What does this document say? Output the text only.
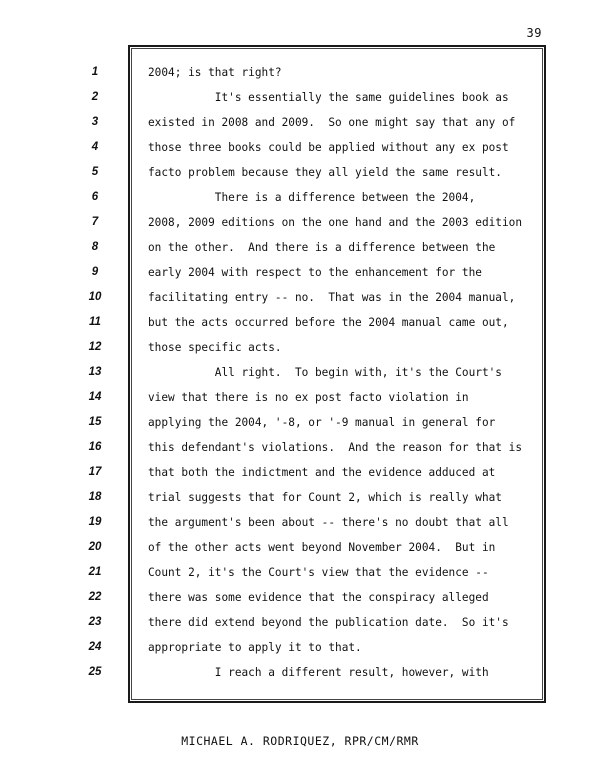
39
1
2
3
4
5
6
7
8
9
10
11
12
13
14
15
16
17
18
19
20
21
22
23
24
25
2004; is that right?
It's essentially the same guidelines book as
existed in 2008 and 2009.  So one might say that any of
those three books could be applied without any ex post
facto problem because they all yield the same result.
There is a difference between the 2004,
2008, 2009 editions on the one hand and the 2003 edition
on the other.  And there is a difference between the
early 2004 with respect to the enhancement for the
facilitating entry -- no.  That was in the 2004 manual,
but the acts occurred before the 2004 manual came out,
those specific acts.
All right.  To begin with, it's the Court's
view that there is no ex post facto violation in
applying the 2004, '-8, or '-9 manual in general for
this defendant's violations.  And the reason for that is
that both the indictment and the evidence adduced at
trial suggests that for Count 2, which is really what
the argument's been about -- there's no doubt that all
of the other acts went beyond November 2004.  But in
Count 2, it's the Court's view that the evidence --
there was some evidence that the conspiracy alleged
there did extend beyond the publication date.  So it's
appropriate to apply it to that.
I reach a different result, however, with
MICHAEL A. RODRIQUEZ, RPR/CM/RMR
